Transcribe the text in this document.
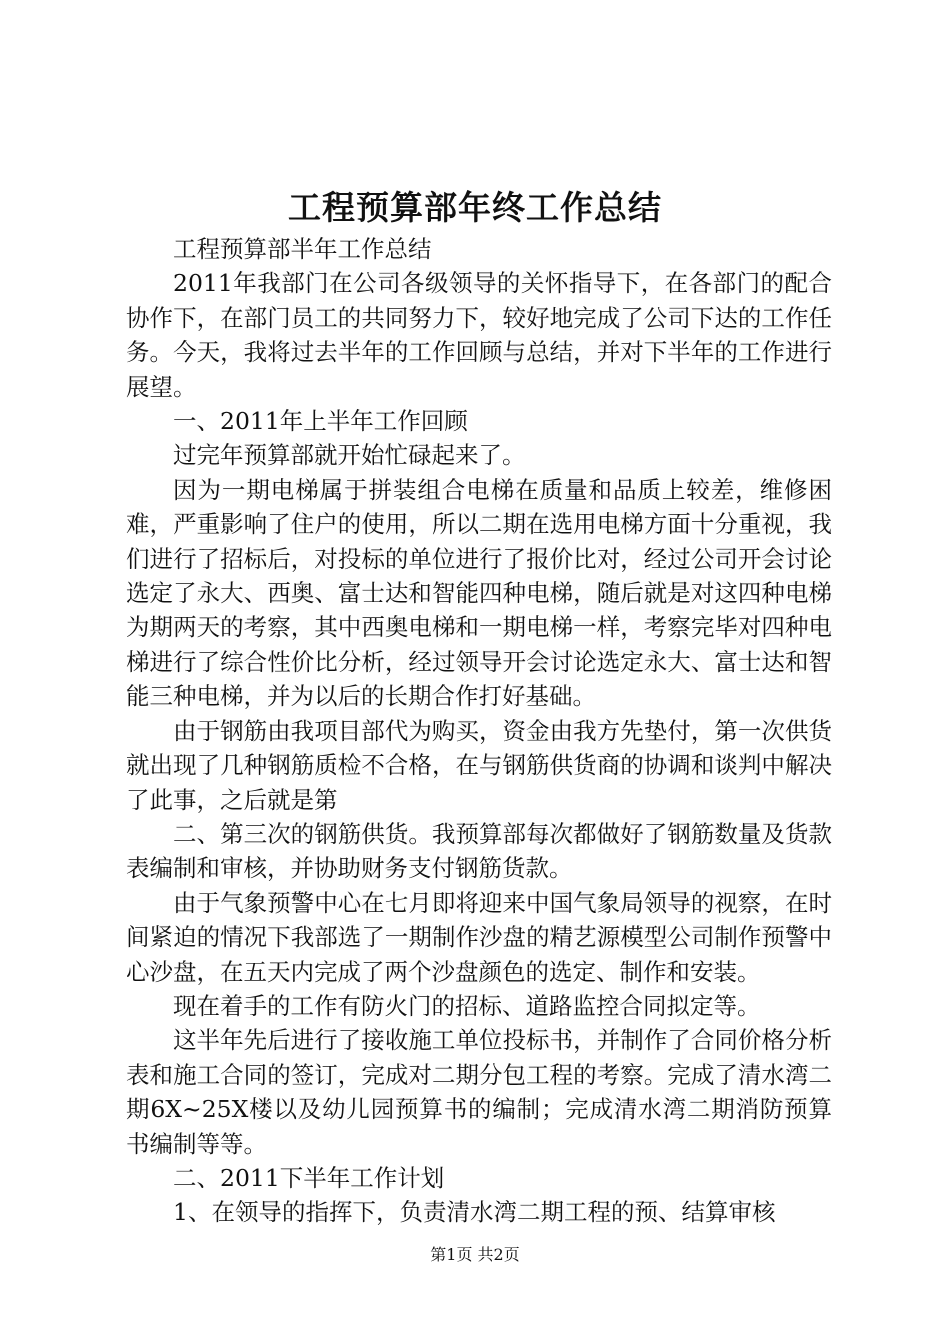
工程预算部年终工作总结

工程预算部半年工作总结

2011年我部门在公司各级领导的关怀指导下，在各部门的配合协作下，在部门员工的共同努力下，较好地完成了公司下达的工作任务。今天，我将过去半年的工作回顾与总结，并对下半年的工作进行展望。

一、2011年上半年工作回顾

过完年预算部就开始忙碌起来了。

因为一期电梯属于拼装组合电梯在质量和品质上较差，维修困难，严重影响了住户的使用，所以二期在选用电梯方面十分重视，我们进行了招标后，对投标的单位进行了报价比对，经过公司开会讨论选定了永大、西奥、富士达和智能四种电梯，随后就是对这四种电梯为期两天的考察，其中西奥电梯和一期电梯一样，考察完毕对四种电梯进行了综合性价比分析，经过领导开会讨论选定永大、富士达和智能三种电梯，并为以后的长期合作打好基础。

由于钢筋由我项目部代为购买，资金由我方先垫付，第一次供货就出现了几种钢筋质检不合格，在与钢筋供货商的协调和谈判中解决了此事，之后就是第

二、第三次的钢筋供货。我预算部每次都做好了钢筋数量及货款表编制和审核，并协助财务支付钢筋货款。

由于气象预警中心在七月即将迎来中国气象局领导的视察，在时间紧迫的情况下我部选了一期制作沙盘的精艺源模型公司制作预警中心沙盘，在五天内完成了两个沙盘颜色的选定、制作和安装。

现在着手的工作有防火门的招标、道路监控合同拟定等。

这半年先后进行了接收施工单位投标书，并制作了合同价格分析表和施工合同的签订，完成对二期分包工程的考察。完成了清水湾二期6X~25X楼以及幼儿园预算书的编制；完成清水湾二期消防预算书编制等等。

二、2011下半年工作计划

1、在领导的指挥下，负责清水湾二期工程的预、结算审核

第1页 共2页
